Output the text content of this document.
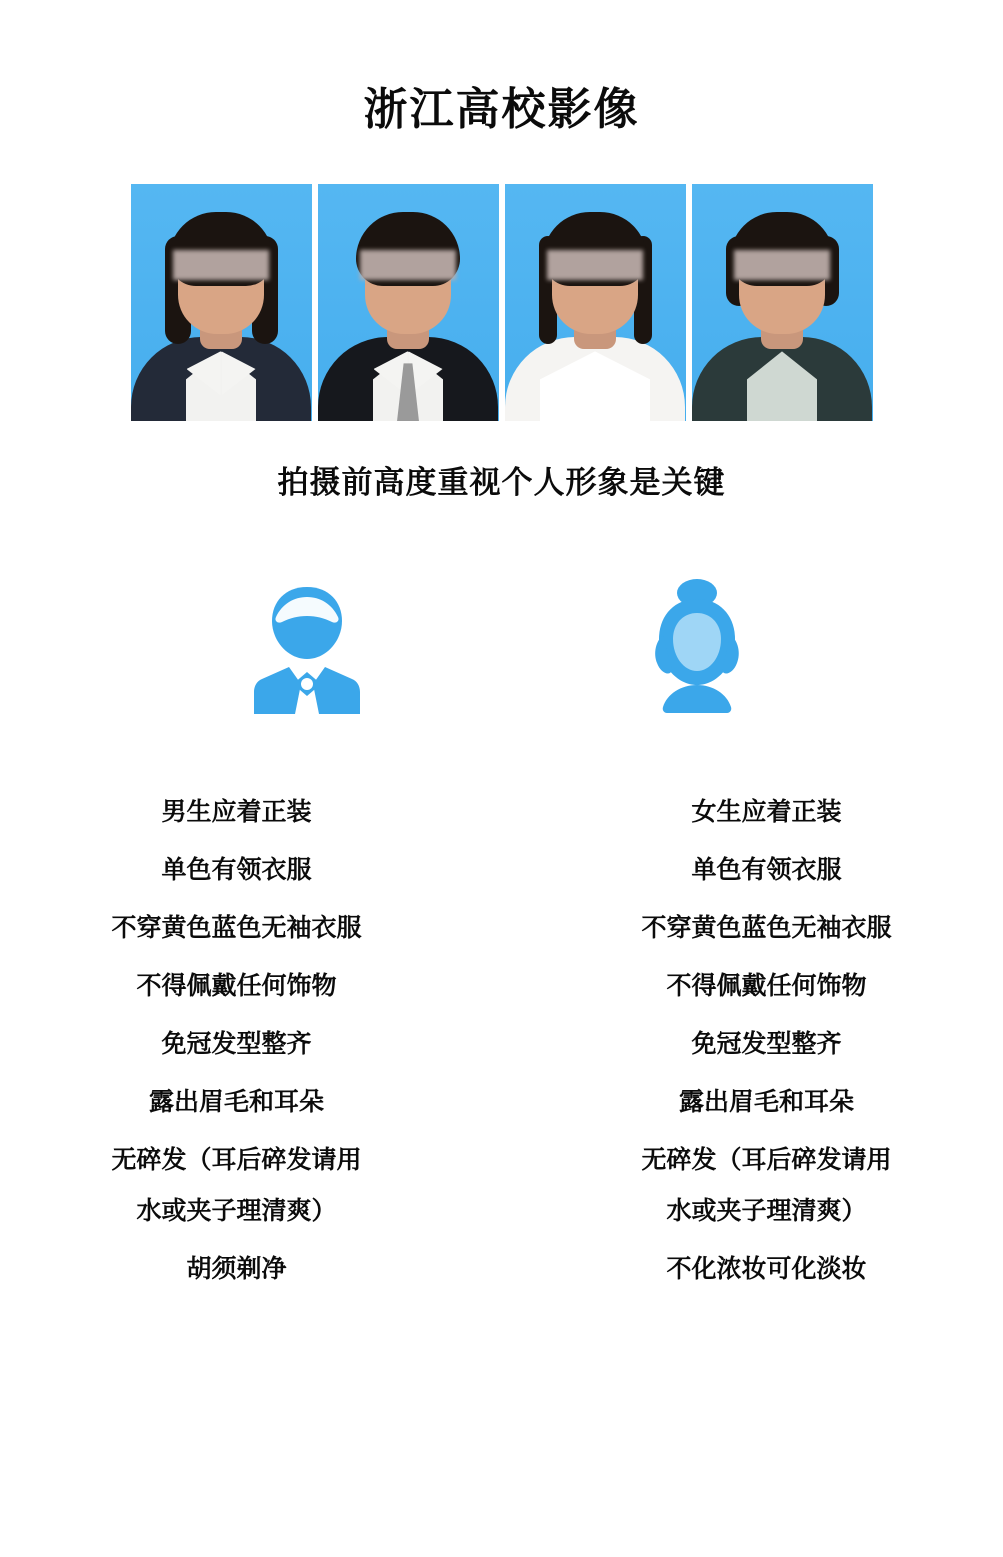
浙江高校影像
拍摄前高度重视个人形象是关键
男生应着正装
单色有领衣服
不穿黄色蓝色无袖衣服
不得佩戴任何饰物
免冠发型整齐
露出眉毛和耳朵
无碎发（耳后碎发请用
水或夹子理清爽）
胡须剃净
女生应着正装
单色有领衣服
不穿黄色蓝色无袖衣服
不得佩戴任何饰物
免冠发型整齐
露出眉毛和耳朵
无碎发（耳后碎发请用
水或夹子理清爽）
不化浓妆可化淡妆
